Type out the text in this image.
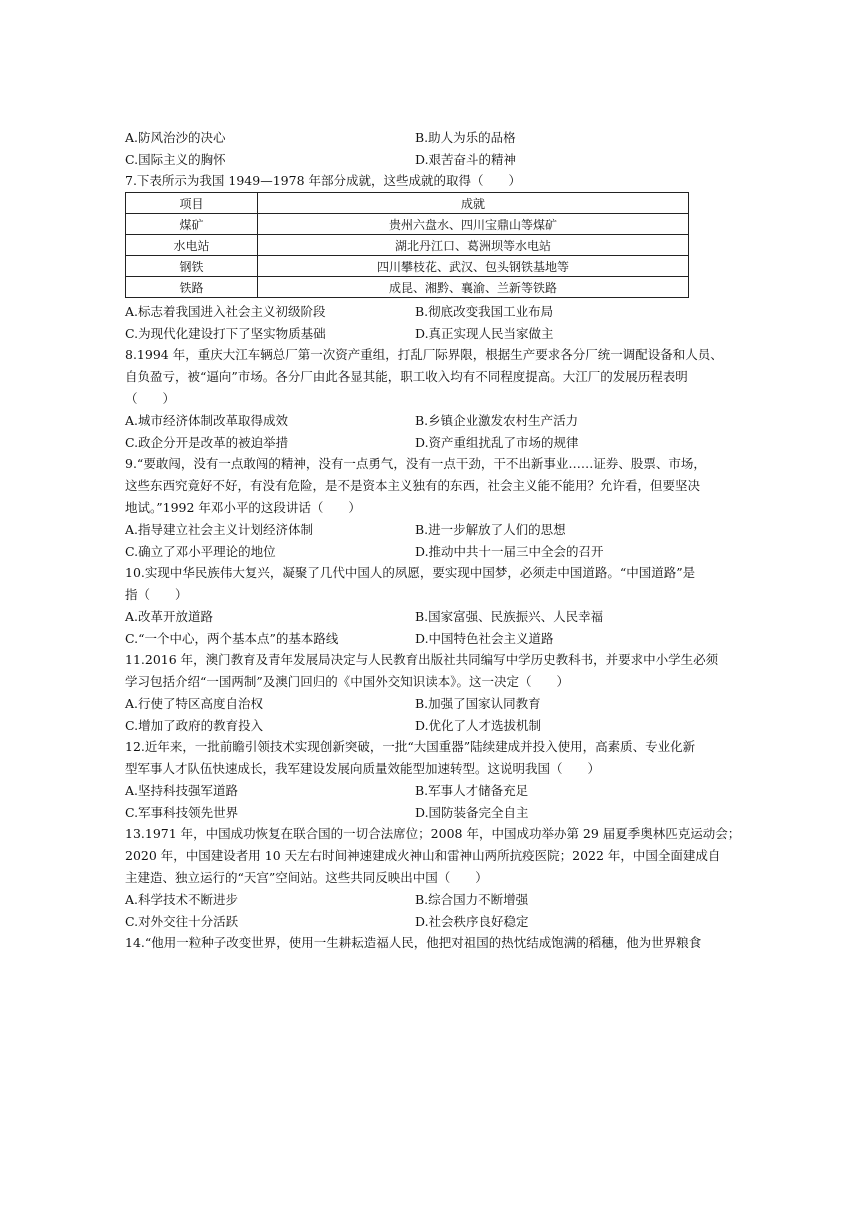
A.防风治沙的决心	B.助人为乐的品格
C.国际主义的胸怀	D.艰苦奋斗的精神
7.下表所示为我国 1949—1978 年部分成就，这些成就的取得（　　）
项目	成就
煤矿	贵州六盘水、四川宝鼎山等煤矿
水电站	湖北丹江口、葛洲坝等水电站
钢铁	四川攀枝花、武汉、包头钢铁基地等
铁路	成昆、湘黔、襄渝、兰新等铁路
A.标志着我国进入社会主义初级阶段	B.彻底改变我国工业布局
C.为现代化建设打下了坚实物质基础	D.真正实现人民当家做主
8.1994 年，重庆大江车辆总厂第一次资产重组，打乱厂际界限，根据生产要求各分厂统一调配设备和人员、
自负盈亏，被“逼向”市场。各分厂由此各显其能，职工收入均有不同程度提高。大江厂的发展历程表明
（　　）
A.城市经济体制改革取得成效	B.乡镇企业激发农村生产活力
C.政企分开是改革的被迫举措	D.资产重组扰乱了市场的规律
9.“要敢闯，没有一点敢闯的精神，没有一点勇气，没有一点干劲，干不出新事业……证券、股票、市场，
这些东西究竟好不好，有没有危险，是不是资本主义独有的东西，社会主义能不能用？允许看，但要坚决
地试。”1992 年邓小平的这段讲话（　　）
A.指导建立社会主义计划经济体制	B.进一步解放了人们的思想
C.确立了邓小平理论的地位	D.推动中共十一届三中全会的召开
10.实现中华民族伟大复兴，凝聚了几代中国人的夙愿，要实现中国梦，必须走中国道路。“中国道路”是
指（　　）
A.改革开放道路	B.国家富强、民族振兴、人民幸福
C.“一个中心，两个基本点”的基本路线	D.中国特色社会主义道路
11.2016 年，澳门教育及青年发展局决定与人民教育出版社共同编写中学历史教科书，并要求中小学生必须
学习包括介绍“一国两制”及澳门回归的《中国外交知识读本》。这一决定（　　）
A.行使了特区高度自治权	B.加强了国家认同教育
C.增加了政府的教育投入	D.优化了人才选拔机制
12.近年来，一批前瞻引领技术实现创新突破，一批“大国重器”陆续建成并投入使用，高素质、专业化新
型军事人才队伍快速成长，我军建设发展向质量效能型加速转型。这说明我国（　　）
A.坚持科技强军道路	B.军事人才储备充足
C.军事科技领先世界	D.国防装备完全自主
13.1971 年，中国成功恢复在联合国的一切合法席位；2008 年，中国成功举办第 29 届夏季奥林匹克运动会；
2020 年，中国建设者用 10 天左右时间神速建成火神山和雷神山两所抗疫医院；2022 年，中国全面建成自
主建造、独立运行的“天宫”空间站。这些共同反映出中国（　　）
A.科学技术不断进步	B.综合国力不断增强
C.对外交往十分活跃	D.社会秩序良好稳定
14.“他用一粒种子改变世界，使用一生耕耘造福人民，他把对祖国的热忱结成饱满的稻穗，他为世界粮食
